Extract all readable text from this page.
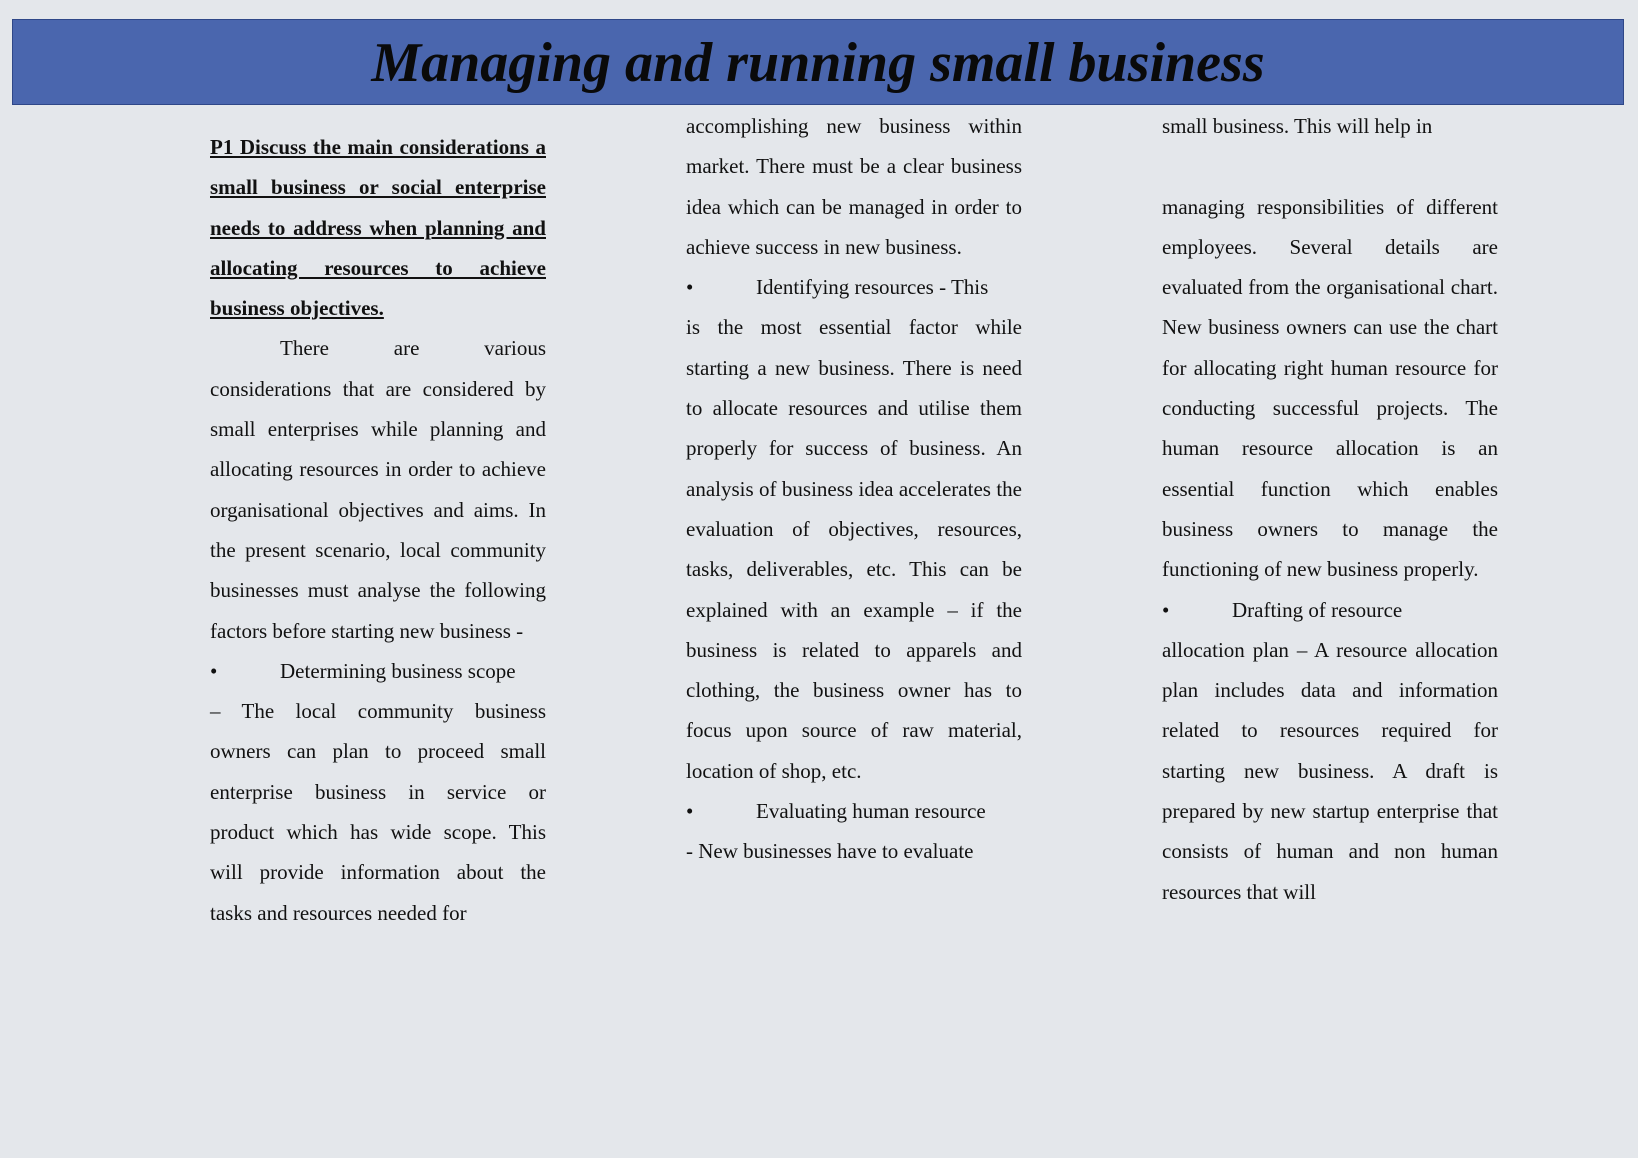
Managing and running small business

P1 Discuss the main considerations a small business or social enterprise needs to address when planning and allocating resources to achieve business objectives.

There are various considerations that are considered by small enterprises while planning and allocating resources in order to achieve organisational objectives and aims. In the present scenario, local community businesses must analyse the following factors before starting new business -

•	Determining business scope

– The local community business owners can plan to proceed small enterprise business in service or product which has wide scope. This will provide information about the tasks and resources needed for

accomplishing new business within market. There must be a clear business idea which can be managed in order to achieve success in new business.

•	Identifying resources - This

is the most essential factor while starting a new business. There is need to allocate resources and utilise them properly for success of business. An analysis of business idea accelerates the evaluation of objectives, resources, tasks, deliverables, etc. This can be explained with an example – if the business is related to apparels and clothing, the business owner has to focus upon source of raw material, location of shop, etc.

•	Evaluating human resource

- New businesses have to evaluate

small business. This will help in

managing responsibilities of different employees. Several details are evaluated from the organisational chart. New business owners can use the chart for allocating right human resource for conducting successful projects. The human resource allocation is an essential function which enables business owners to manage the functioning of new business properly.

•	Drafting of resource

allocation plan – A resource allocation plan includes data and information related to resources required for starting new business. A draft is prepared by new startup enterprise that consists of human and non human resources that will
